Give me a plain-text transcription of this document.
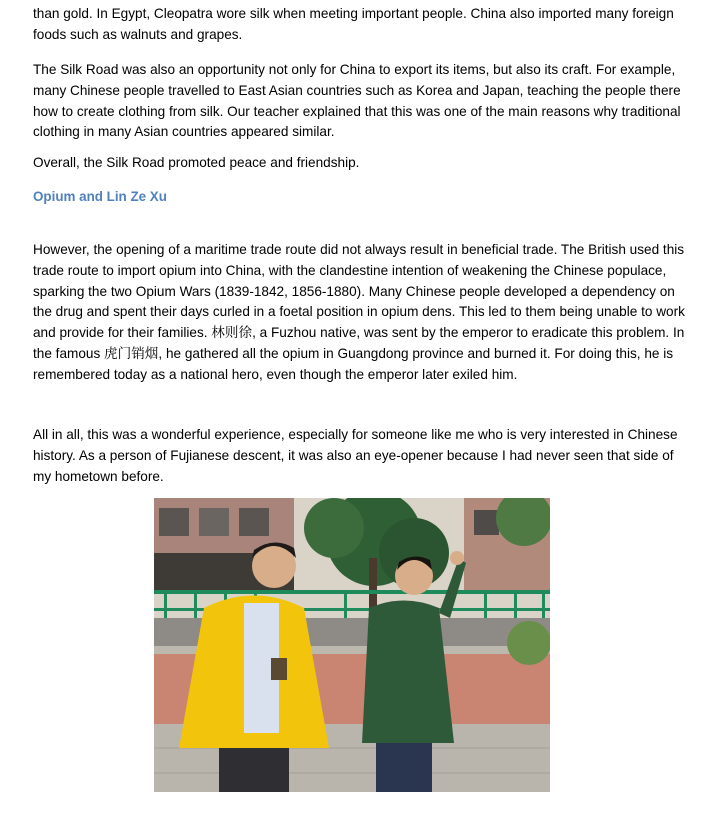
than gold. In Egypt, Cleopatra wore silk when meeting important people. China also imported many foreign foods such as walnuts and grapes.

The Silk Road was also an opportunity not only for China to export its items, but also its craft. For example, many Chinese people travelled to East Asian countries such as Korea and Japan, teaching the people there how to create clothing from silk. Our teacher explained that this was one of the main reasons why traditional clothing in many Asian countries appeared similar.

Overall, the Silk Road promoted peace and friendship.

Opium and Lin Ze Xu

However, the opening of a maritime trade route did not always result in beneficial trade. The British used this trade route to import opium into China, with the clandestine intention of weakening the Chinese populace, sparking the two Opium Wars (1839-1842, 1856-1880). Many Chinese people developed a dependency on the drug and spent their days curled in a foetal position in opium dens. This led to them being unable to work and provide for their families. 林则徐, a Fuzhou native, was sent by the emperor to eradicate this problem. In the famous 虎门销烟, he gathered all the opium in Guangdong province and burned it. For doing this, he is remembered today as a national hero, even though the emperor later exiled him.

All in all, this was a wonderful experience, especially for someone like me who is very interested in Chinese history. As a person of Fujianese descent, it was also an eye-opener because I had never seen that side of my hometown before.
